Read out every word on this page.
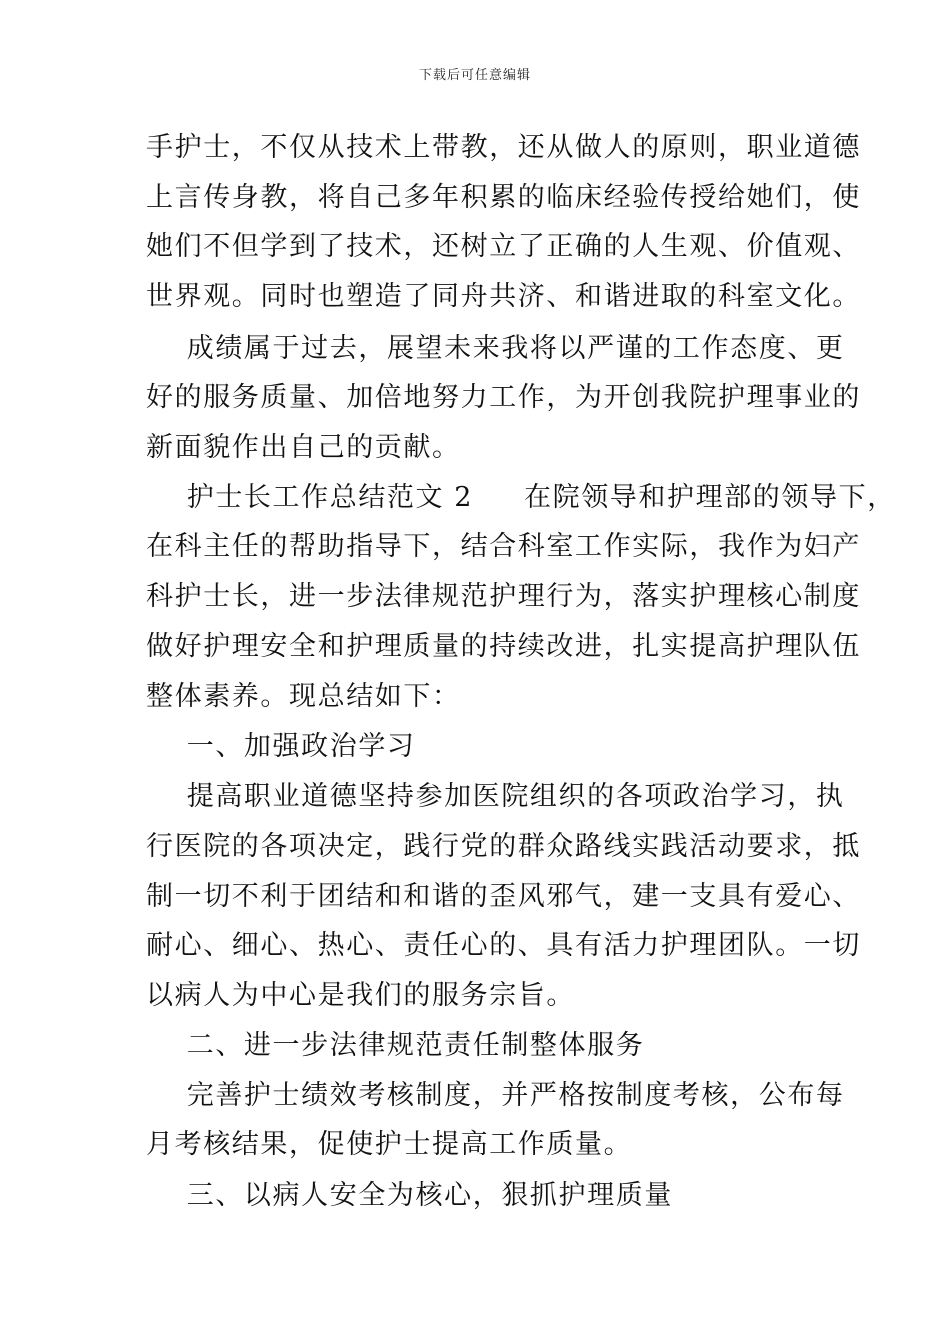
下载后可任意编辑
手护士，不仅从技术上带教，还从做人的原则，职业道德
上言传身教，将自己多年积累的临床经验传授给她们，使
她们不但学到了技术，还树立了正确的人生观、价值观、
世界观。同时也塑造了同舟共济、和谐进取的科室文化。
成绩属于过去，展望未来我将以严谨的工作态度、更
好的服务质量、加倍地努力工作，为开创我院护理事业的
新面貌作出自己的贡献。
护士长工作总结范文 2     在院领导和护理部的领导下，
在科主任的帮助指导下，结合科室工作实际，我作为妇产
科护士长，进一步法律规范护理行为，落实护理核心制度
做好护理安全和护理质量的持续改进，扎实提高护理队伍
整体素养。现总结如下：
一、加强政治学习
提高职业道德坚持参加医院组织的各项政治学习，执
行医院的各项决定，践行党的群众路线实践活动要求，抵
制一切不利于团结和和谐的歪风邪气，建一支具有爱心、
耐心、细心、热心、责任心的、具有活力护理团队。一切
以病人为中心是我们的服务宗旨。
二、进一步法律规范责任制整体服务
完善护士绩效考核制度，并严格按制度考核，公布每
月考核结果，促使护士提高工作质量。
三、以病人安全为核心，狠抓护理质量
